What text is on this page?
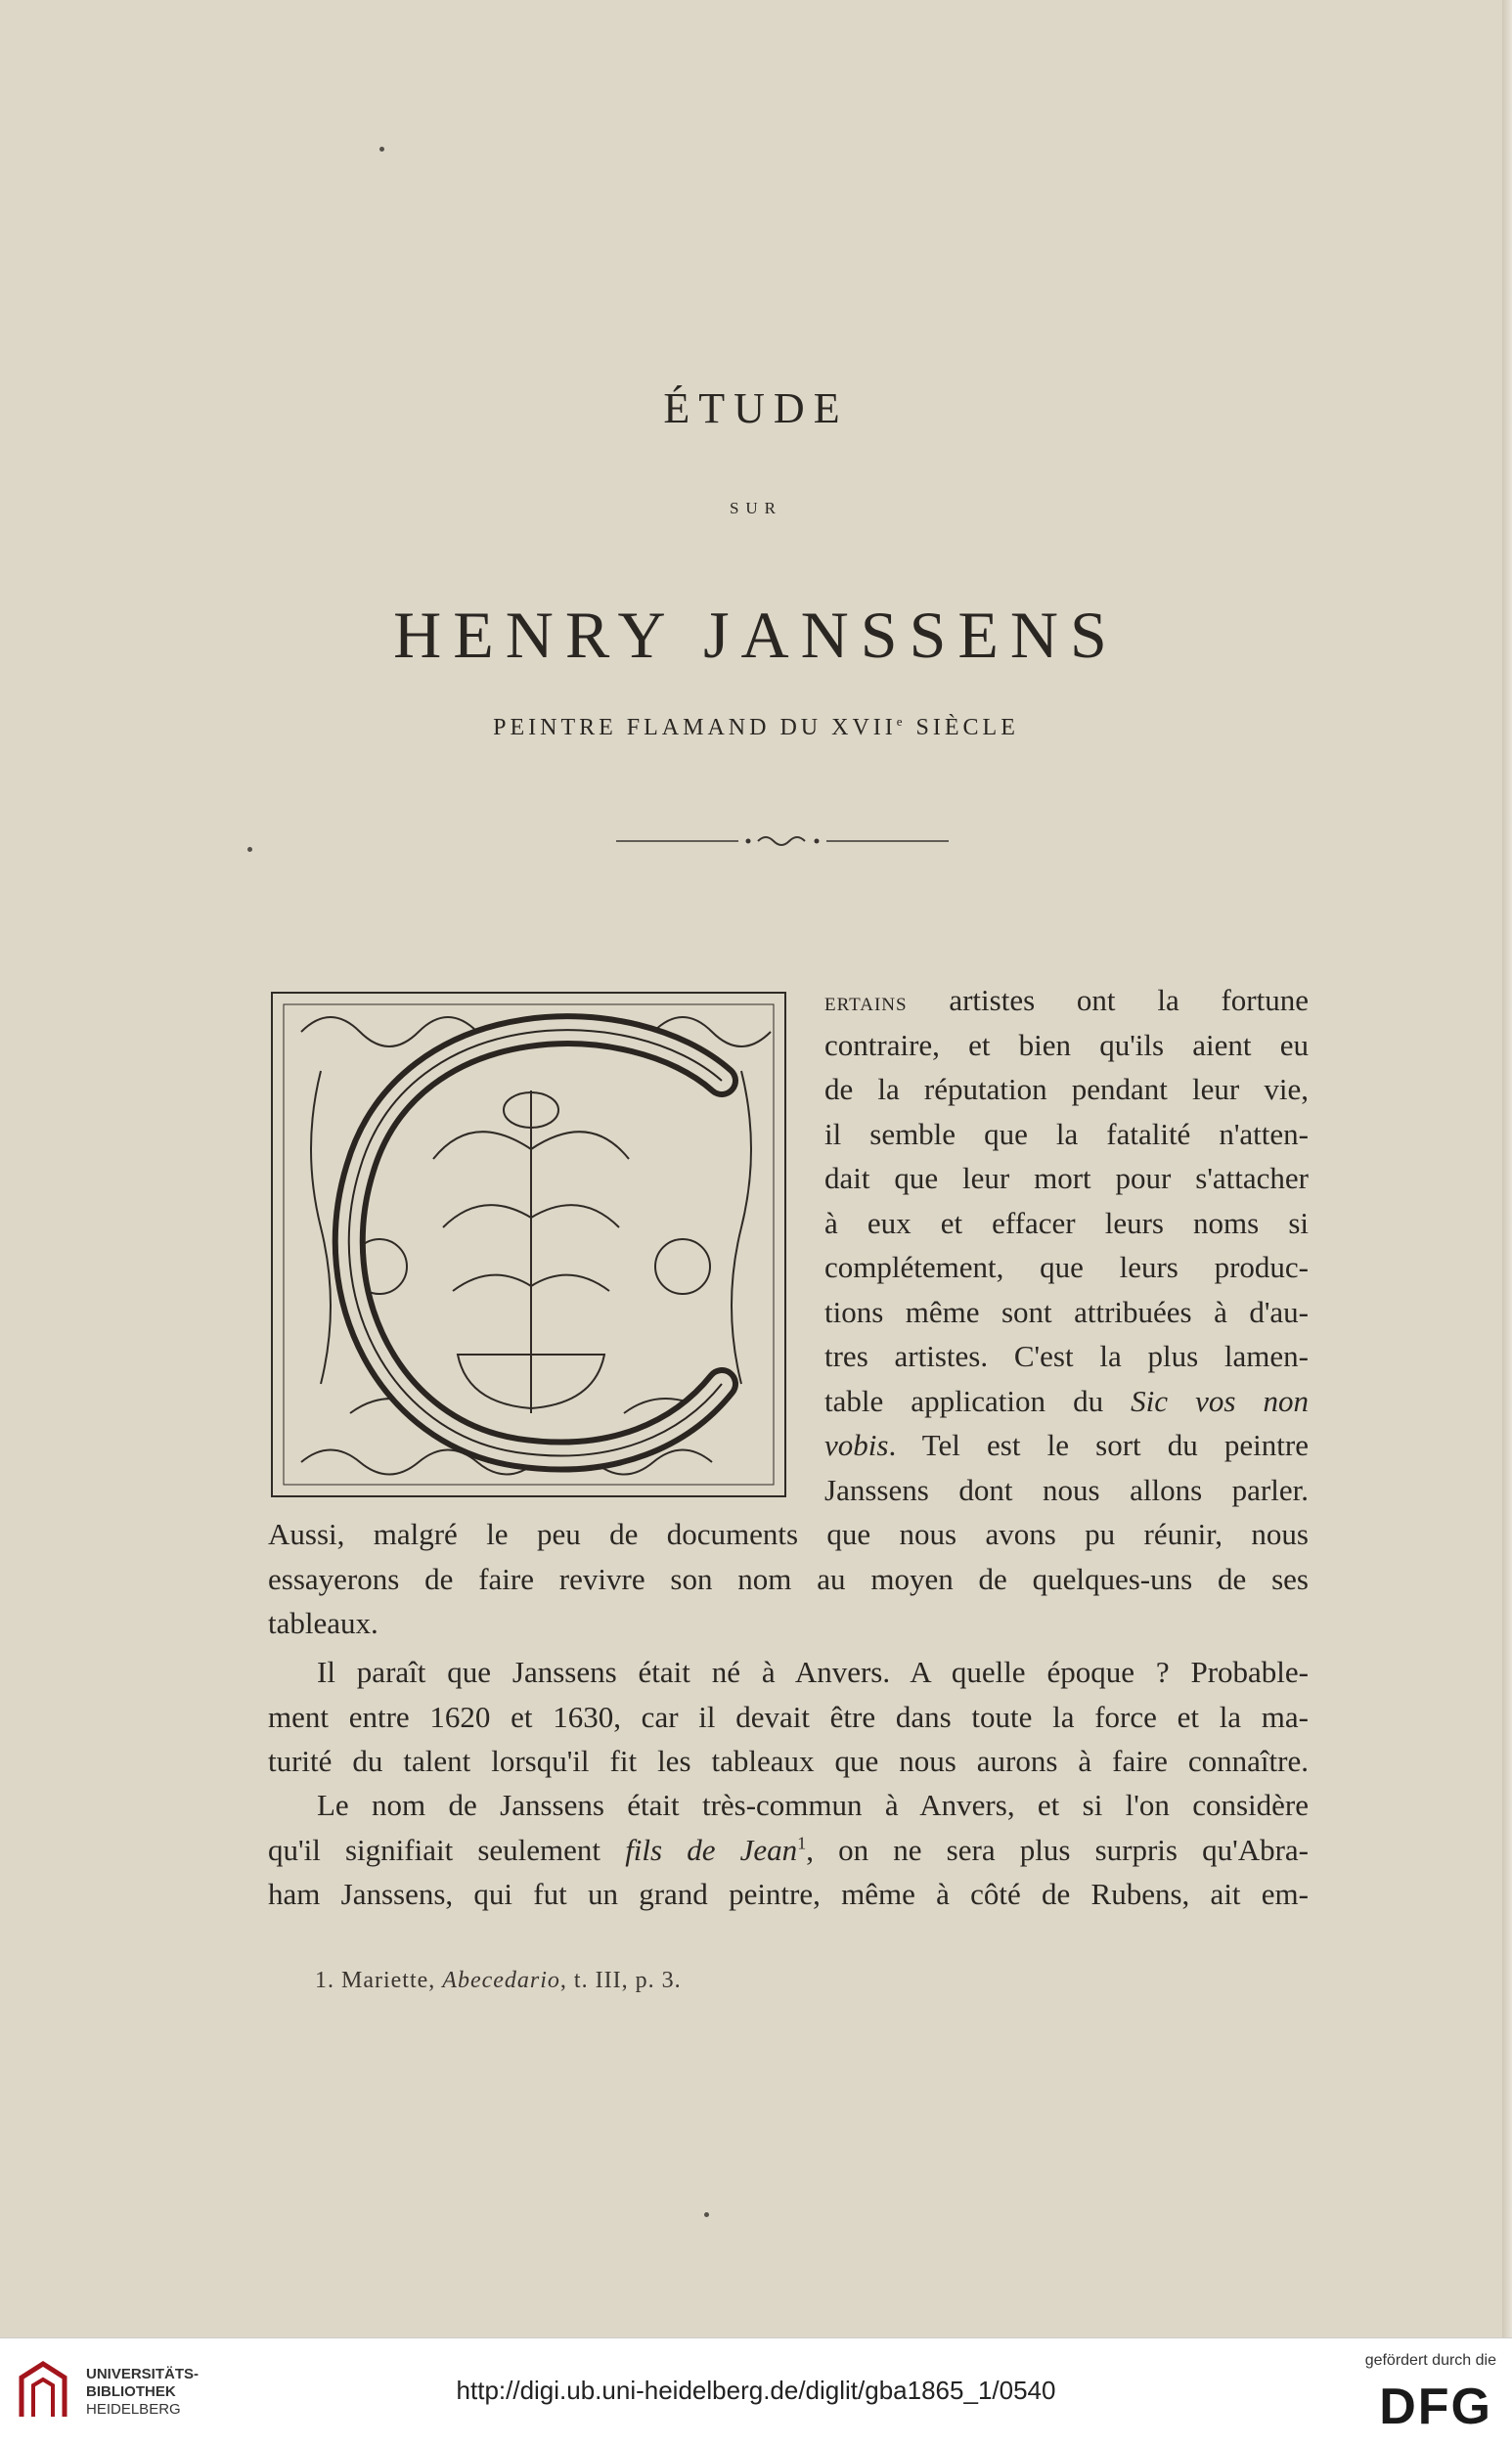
ÉTUDE
SUR
HENRY JANSSENS
PEINTRE FLAMAND DU XVIIe SIÈCLE
ertains artistes ont la fortune
contraire, et bien qu'ils aient eu
de la réputation pendant leur vie,
il semble que la fatalité n'atten-
dait que leur mort pour s'attacher
à eux et effacer leurs noms si
complétement, que leurs produc-
tions même sont attribuées à d'au-
tres artistes. C'est la plus lamen-
table application du Sic vos non
vobis. Tel est le sort du peintre
Janssens dont nous allons parler.
Aussi, malgré le peu de documents que nous avons pu réunir, nous
essayerons de faire revivre son nom au moyen de quelques-uns de ses
tableaux.
Il paraît que Janssens était né à Anvers. A quelle époque ? Probable-
ment entre 1620 et 1630, car il devait être dans toute la force et la ma-
turité du talent lorsqu'il fit les tableaux que nous aurons à faire connaître.
Le nom de Janssens était très-commun à Anvers, et si l'on considère
qu'il signifiait seulement fils de Jean$^1$, on ne sera plus surpris qu'Abra-
ham Janssens, qui fut un grand peintre, même à côté de Rubens, ait em-
1. Mariette, Abecedario, t. III, p. 3.
UNIVERSITÄTS-
BIBLIOTHEK
HEIDELBERG
http://digi.ub.uni-heidelberg.de/diglit/gba1865_1/0540
gefördert durch die
DFG
